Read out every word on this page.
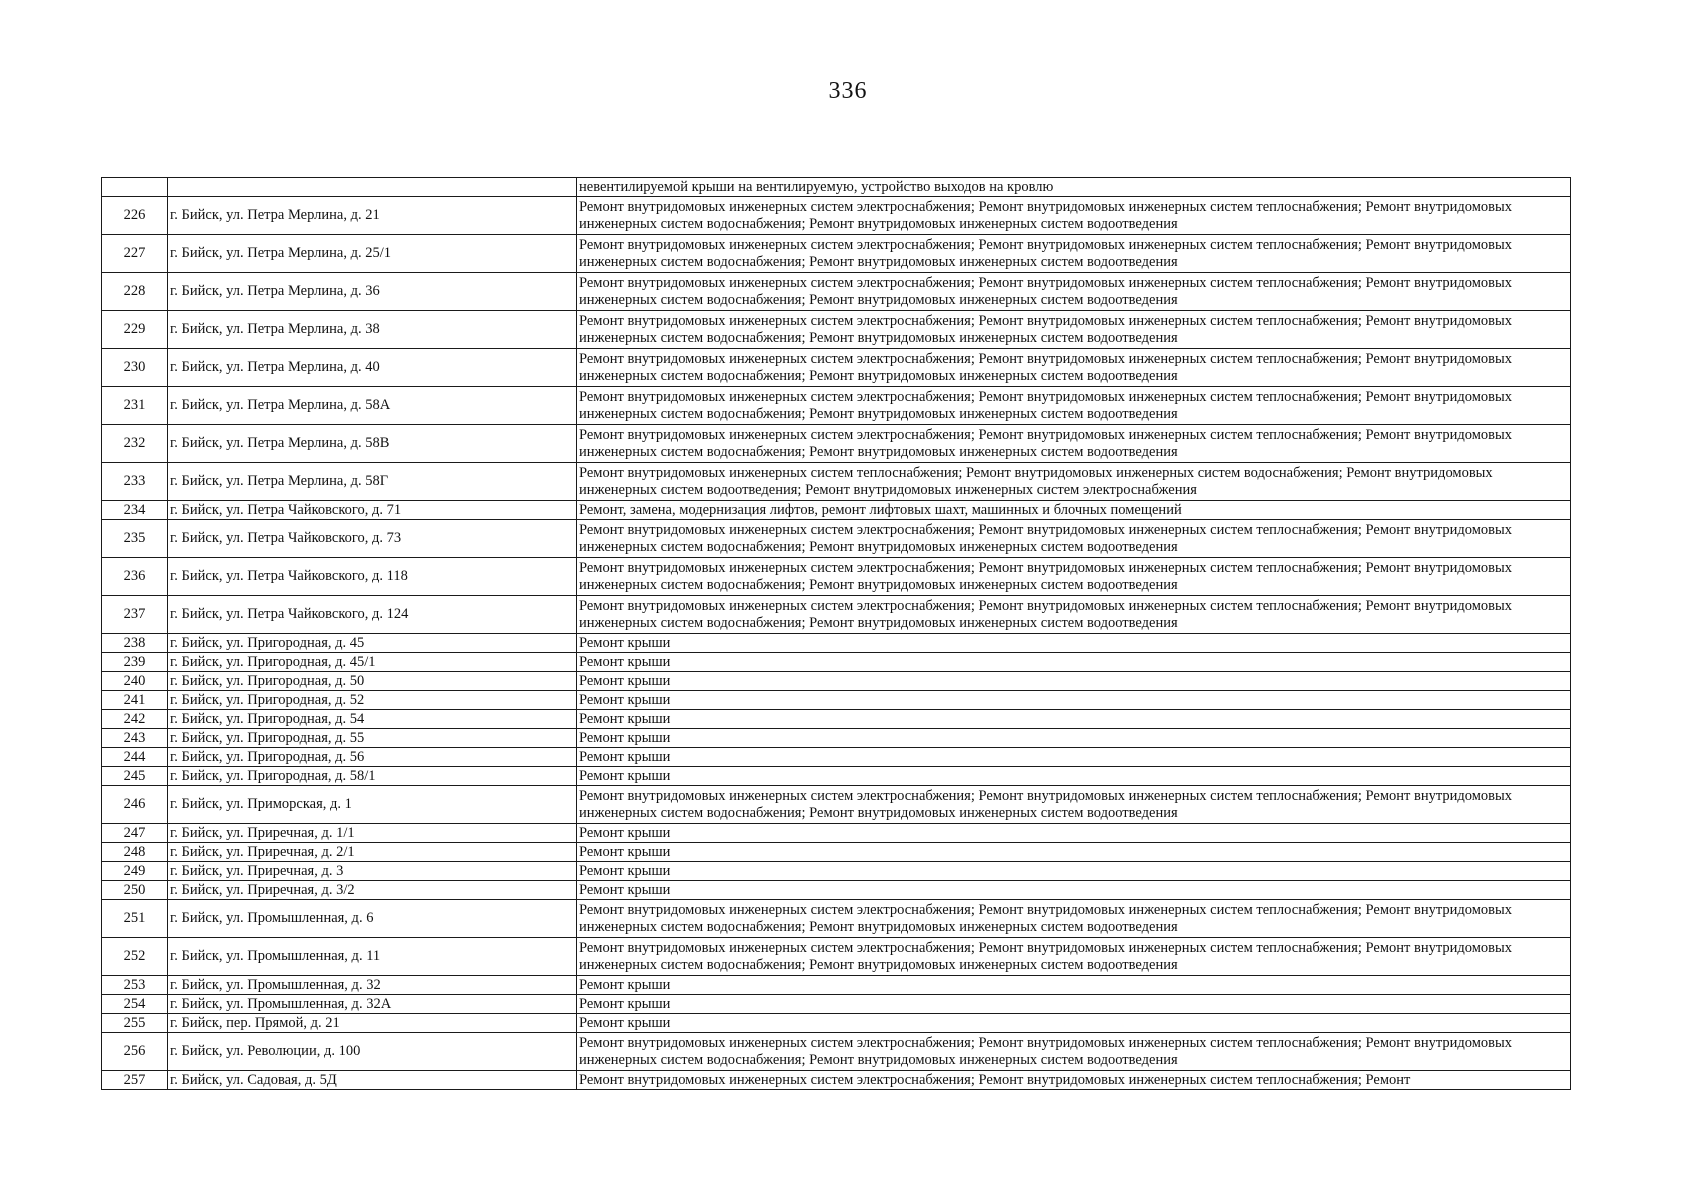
336
		невентилируемой крыши на вентилируемую, устройство выходов на кровлю
226	г. Бийск, ул. Петра Мерлина, д. 21	Ремонт внутридомовых инженерных систем электроснабжения; Ремонт внутридомовых инженерных систем теплоснабжения; Ремонт внутридомовых инженерных систем водоснабжения; Ремонт внутридомовых инженерных систем водоотведения
227	г. Бийск, ул. Петра Мерлина, д. 25/1	Ремонт внутридомовых инженерных систем электроснабжения; Ремонт внутридомовых инженерных систем теплоснабжения; Ремонт внутридомовых инженерных систем водоснабжения; Ремонт внутридомовых инженерных систем водоотведения
228	г. Бийск, ул. Петра Мерлина, д. 36	Ремонт внутридомовых инженерных систем электроснабжения; Ремонт внутридомовых инженерных систем теплоснабжения; Ремонт внутридомовых инженерных систем водоснабжения; Ремонт внутридомовых инженерных систем водоотведения
229	г. Бийск, ул. Петра Мерлина, д. 38	Ремонт внутридомовых инженерных систем электроснабжения; Ремонт внутридомовых инженерных систем теплоснабжения; Ремонт внутридомовых инженерных систем водоснабжения; Ремонт внутридомовых инженерных систем водоотведения
230	г. Бийск, ул. Петра Мерлина, д. 40	Ремонт внутридомовых инженерных систем электроснабжения; Ремонт внутридомовых инженерных систем теплоснабжения; Ремонт внутридомовых инженерных систем водоснабжения; Ремонт внутридомовых инженерных систем водоотведения
231	г. Бийск, ул. Петра Мерлина, д. 58А	Ремонт внутридомовых инженерных систем электроснабжения; Ремонт внутридомовых инженерных систем теплоснабжения; Ремонт внутридомовых инженерных систем водоснабжения; Ремонт внутридомовых инженерных систем водоотведения
232	г. Бийск, ул. Петра Мерлина, д. 58В	Ремонт внутридомовых инженерных систем электроснабжения; Ремонт внутридомовых инженерных систем теплоснабжения; Ремонт внутридомовых инженерных систем водоснабжения; Ремонт внутридомовых инженерных систем водоотведения
233	г. Бийск, ул. Петра Мерлина, д. 58Г	Ремонт внутридомовых инженерных систем теплоснабжения; Ремонт внутридомовых инженерных систем водоснабжения; Ремонт внутридомовых инженерных систем водоотведения; Ремонт внутридомовых инженерных систем электроснабжения
234	г. Бийск, ул. Петра Чайковского, д. 71	Ремонт, замена, модернизация лифтов, ремонт лифтовых шахт, машинных и блочных помещений
235	г. Бийск, ул. Петра Чайковского, д. 73	Ремонт внутридомовых инженерных систем электроснабжения; Ремонт внутридомовых инженерных систем теплоснабжения; Ремонт внутридомовых инженерных систем водоснабжения; Ремонт внутридомовых инженерных систем водоотведения
236	г. Бийск, ул. Петра Чайковского, д. 118	Ремонт внутридомовых инженерных систем электроснабжения; Ремонт внутридомовых инженерных систем теплоснабжения; Ремонт внутридомовых инженерных систем водоснабжения; Ремонт внутридомовых инженерных систем водоотведения
237	г. Бийск, ул. Петра Чайковского, д. 124	Ремонт внутридомовых инженерных систем электроснабжения; Ремонт внутридомовых инженерных систем теплоснабжения; Ремонт внутридомовых инженерных систем водоснабжения; Ремонт внутридомовых инженерных систем водоотведения
238	г. Бийск, ул. Пригородная, д. 45	Ремонт крыши
239	г. Бийск, ул. Пригородная, д. 45/1	Ремонт крыши
240	г. Бийск, ул. Пригородная, д. 50	Ремонт крыши
241	г. Бийск, ул. Пригородная, д. 52	Ремонт крыши
242	г. Бийск, ул. Пригородная, д. 54	Ремонт крыши
243	г. Бийск, ул. Пригородная, д. 55	Ремонт крыши
244	г. Бийск, ул. Пригородная, д. 56	Ремонт крыши
245	г. Бийск, ул. Пригородная, д. 58/1	Ремонт крыши
246	г. Бийск, ул. Приморская, д. 1	Ремонт внутридомовых инженерных систем электроснабжения; Ремонт внутридомовых инженерных систем теплоснабжения; Ремонт внутридомовых инженерных систем водоснабжения; Ремонт внутридомовых инженерных систем водоотведения
247	г. Бийск, ул. Приречная, д. 1/1	Ремонт крыши
248	г. Бийск, ул. Приречная, д. 2/1	Ремонт крыши
249	г. Бийск, ул. Приречная, д. 3	Ремонт крыши
250	г. Бийск, ул. Приречная, д. 3/2	Ремонт крыши
251	г. Бийск, ул. Промышленная, д. 6	Ремонт внутридомовых инженерных систем электроснабжения; Ремонт внутридомовых инженерных систем теплоснабжения; Ремонт внутридомовых инженерных систем водоснабжения; Ремонт внутридомовых инженерных систем водоотведения
252	г. Бийск, ул. Промышленная, д. 11	Ремонт внутридомовых инженерных систем электроснабжения; Ремонт внутридомовых инженерных систем теплоснабжения; Ремонт внутридомовых инженерных систем водоснабжения; Ремонт внутридомовых инженерных систем водоотведения
253	г. Бийск, ул. Промышленная, д. 32	Ремонт крыши
254	г. Бийск, ул. Промышленная, д. 32А	Ремонт крыши
255	г. Бийск, пер. Прямой, д. 21	Ремонт крыши
256	г. Бийск, ул. Революции, д. 100	Ремонт внутридомовых инженерных систем электроснабжения; Ремонт внутридомовых инженерных систем теплоснабжения; Ремонт внутридомовых инженерных систем водоснабжения; Ремонт внутридомовых инженерных систем водоотведения
257	г. Бийск, ул. Садовая, д. 5Д	Ремонт внутридомовых инженерных систем электроснабжения; Ремонт внутридомовых инженерных систем теплоснабжения; Ремонт
